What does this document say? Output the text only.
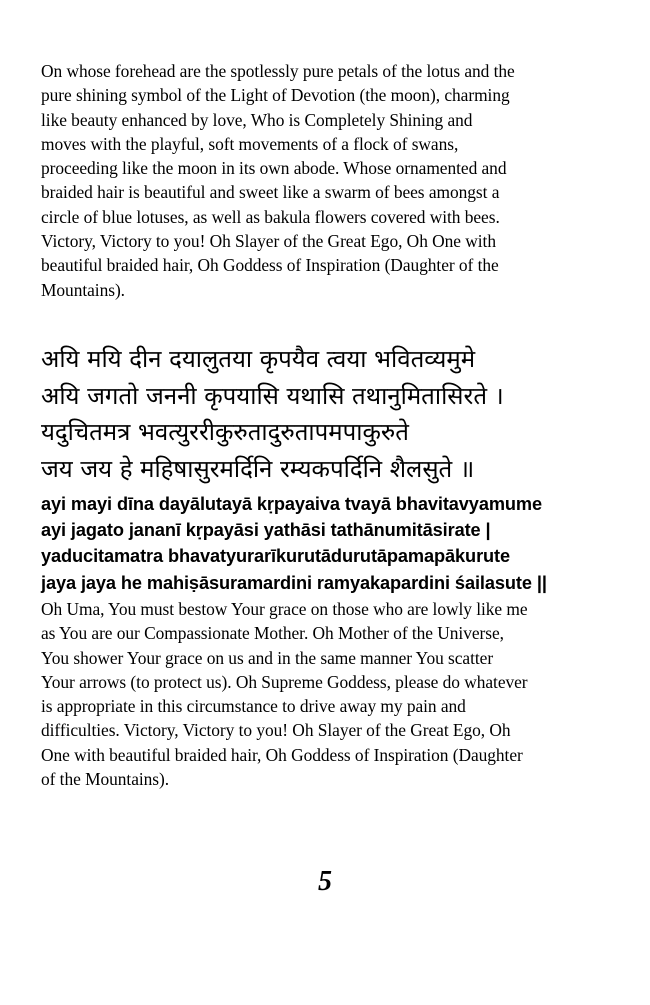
On whose forehead are the spotlessly pure petals of the lotus and the
pure shining symbol of the Light of Devotion (the moon), charming
like beauty enhanced by love, Who is Completely Shining and
moves with the playful, soft movements of a flock of swans,
proceeding like the moon in its own abode. Whose ornamented and
braided hair is beautiful and sweet like a swarm of bees amongst a
circle of blue lotuses, as well as bakula flowers covered with bees.
Victory, Victory to you! Oh Slayer of the Great Ego, Oh One with
beautiful braided hair, Oh Goddess of Inspiration (Daughter of the
Mountains).

अयि मयि दीन दयालुतया कृपयैव त्वया भवितव्यमुमे
अयि जगतो जननी कृपयासि यथासि तथानुमितासिरते ।
यदुचितमत्र भवत्युररीकुरुतादुरुतापमपाकुरुते
जय जय हे महिषासुरमर्दिनि रम्यकपर्दिनि शैलसुते ॥

ayi mayi dīna dayālutayā kṛpayaiva tvayā bhavitavyamume
ayi jagato jananī kṛpayāsi yathāsi tathānumitāsirate |
yaducitamatra bhavatyurarīkurutādurutāpamapākurute
jaya jaya he mahiṣāsuramardini ramyakapardini śailasute ||

Oh Uma, You must bestow Your grace on those who are lowly like me
as You are our Compassionate Mother. Oh Mother of the Universe,
You shower Your grace on us and in the same manner You scatter
Your arrows (to protect us). Oh Supreme Goddess, please do whatever
is appropriate in this circumstance to drive away my pain and
difficulties. Victory, Victory to you! Oh Slayer of the Great Ego, Oh
One with beautiful braided hair, Oh Goddess of Inspiration (Daughter
of the Mountains).

5
